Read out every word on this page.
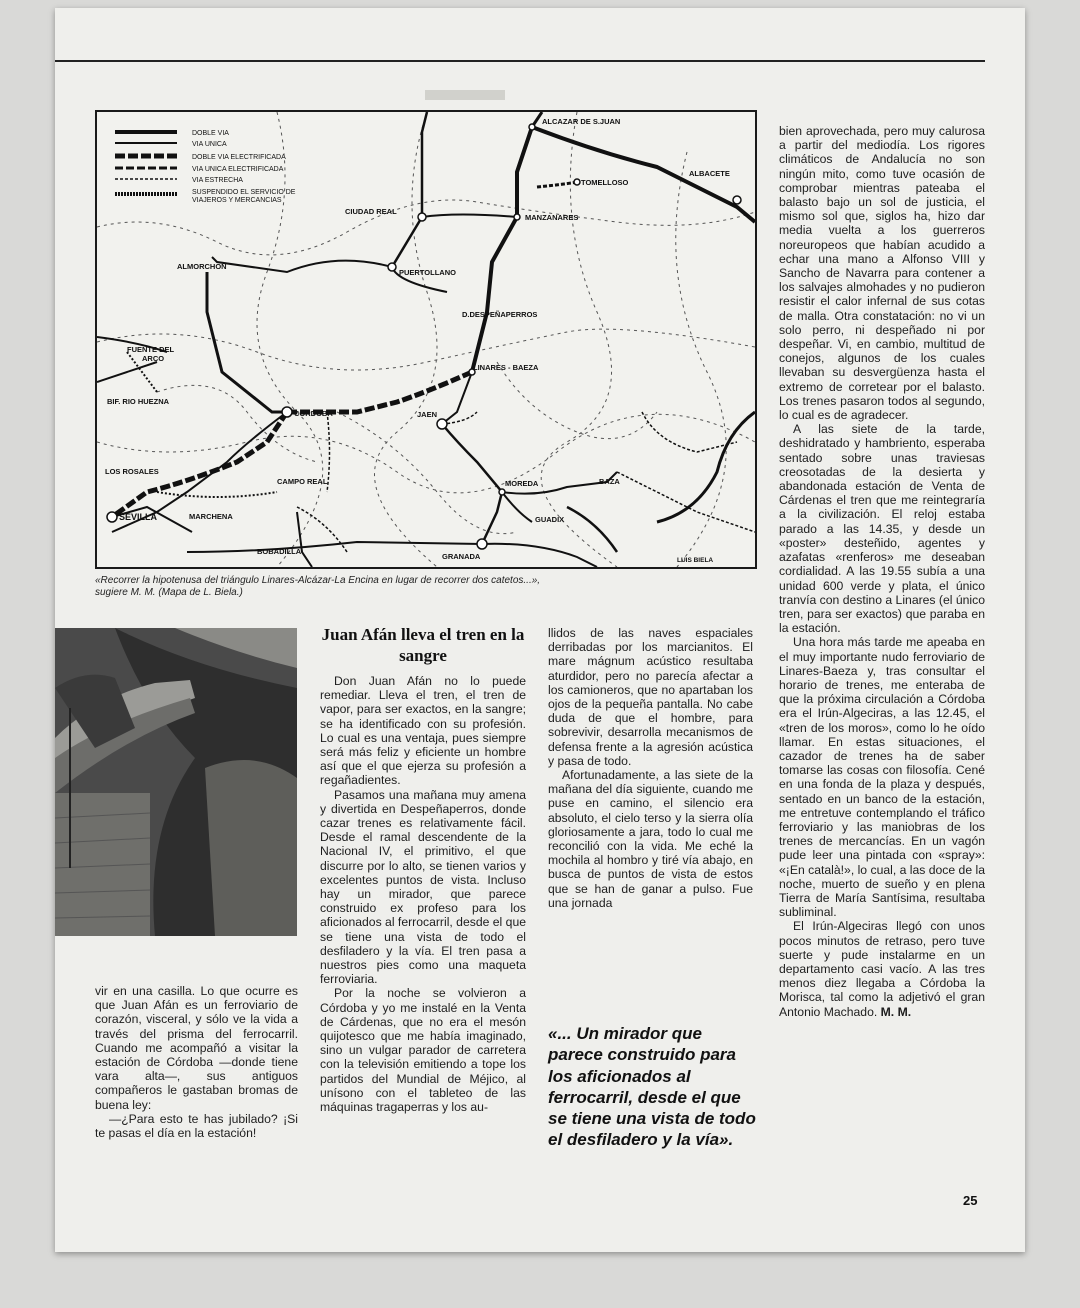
DOBLE VIA
VIA UNICA
DOBLE VIA ELECTRIFICADA
VIA UNICA ELECTRIFICADA
VIA ESTRECHA
SUSPENDIDO EL SERVICIO DE
VIAJEROS Y MERCANCIAS
ALCAZAR DE S.JUAN
ALBACETE
TOMELLOSO
CIUDAD REAL
MANZANARES
ALMORCHON
PUERTOLLANO
D.DESPEÑAPERROS
FUENTE DEL
ARCO
LINARES - BAEZA
BIF. RIO HUEZNA
CORDOBA	JAEN
LOS ROSALES
CAMPO REAL	MOREDA	BAZA
SEVILLA	MARCHENA	GUADIX
BOBADILLA
GRANADA	LUIS BIELA
«Recorrer la hipotenusa del triángulo Linares-Alcázar-La Encina en lugar de recorrer dos catetos...»,
sugiere M. M. (Mapa de L. Biela.)

vir en una casilla. Lo que ocurre es que Juan Afán es un ferroviario de corazón, visceral, y sólo ve la vida a través del prisma del ferrocarril. Cuando me acompañó a visitar la estación de Córdoba —donde tiene vara alta—, sus antiguos compañeros le gastaban bromas de buena ley:

—¿Para esto te has jubilado? ¡Si te pasas el día en la estación!

Juan Afán lleva el tren en la sangre

Don Juan Afán no lo puede remediar. Lleva el tren, el tren de vapor, para ser exactos, en la sangre; se ha identificado con su profesión. Lo cual es una ventaja, pues siempre será más feliz y eficiente un hombre así que el que ejerza su profesión a regañadientes.

Pasamos una mañana muy amena y divertida en Despeñaperros, donde cazar trenes es relativamente fácil. Desde el ramal descendente de la Nacional IV, el primitivo, el que discurre por lo alto, se tienen varios y excelentes puntos de vista. Incluso hay un mirador, que parece construido ex profeso para los aficionados al ferrocarril, desde el que se tiene una vista de todo el desfiladero y la vía. El tren pasa a nuestros pies como una maqueta ferroviaria.

Por la noche se volvieron a Córdoba y yo me instalé en la Venta de Cárdenas, que no era el mesón quijotesco que me había imaginado, sino un vulgar parador de carretera con la televisión emitiendo a tope los partidos del Mundial de Méjico, al unísono con el tableteo de las máquinas tragaperras y los au-

llidos de las naves espaciales derribadas por los marcianitos. El mare mágnum acústico resultaba aturdidor, pero no parecía afectar a los camioneros, que no apartaban los ojos de la pequeña pantalla. No cabe duda de que el hombre, para sobrevivir, desarrolla mecanismos de defensa frente a la agresión acústica y pasa de todo.

Afortunadamente, a las siete de la mañana del día siguiente, cuando me puse en camino, el silencio era absoluto, el cielo terso y la sierra olía gloriosamente a jara, todo lo cual me reconcilió con la vida. Me eché la mochila al hombro y tiré vía abajo, en busca de puntos de vista de estos que se han de ganar a pulso. Fue una jornada

«... Un mirador que parece construido para los aficionados al ferrocarril, desde el que se tiene una vista de todo el desfiladero y la vía».

bien aprovechada, pero muy calurosa a partir del mediodía. Los rigores climáticos de Andalucía no son ningún mito, como tuve ocasión de comprobar mientras pateaba el balasto bajo un sol de justicia, el mismo sol que, siglos ha, hizo dar media vuelta a los guerreros noreuropeos que habían acudido a echar una mano a Alfonso VIII y Sancho de Navarra para contener a los salvajes almohades y no pudieron resistir el calor infernal de sus cotas de malla. Otra constatación: no vi un solo perro, ni despeñado ni por despeñar. Vi, en cambio, multitud de conejos, algunos de los cuales llevaban su desvergüenza hasta el extremo de corretear por el balasto. Los trenes pasaron todos al segundo, lo cual es de agradecer.

A las siete de la tarde, deshidratado y hambriento, esperaba sentado sobre unas traviesas creosotadas de la desierta y abandonada estación de Venta de Cárdenas el tren que me reintegraría a la civilización. El reloj estaba parado a las 14.35, y desde un «poster» desteñido, agentes y azafatas «renferos» me deseaban cordialidad. A las 19.55 subía a una unidad 600 verde y plata, el único tranvía con destino a Linares (el único tren, para ser exactos) que paraba en la estación.

Una hora más tarde me apeaba en el muy importante nudo ferroviario de Linares-Baeza y, tras consultar el horario de trenes, me enteraba de que la próxima circulación a Córdoba era el Irún-Algeciras, a las 12.45, el «tren de los moros», como lo he oído llamar. En estas situaciones, el cazador de trenes ha de saber tomarse las cosas con filosofía. Cené en una fonda de la plaza y después, sentado en un banco de la estación, me entretuve contemplando el tráfico ferroviario y las maniobras de los trenes de mercancías. En un vagón pude leer una pintada con «spray»: «¡En català!», lo cual, a las doce de la noche, muerto de sueño y en plena Tierra de María Santísima, resultaba subliminal.

El Irún-Algeciras llegó con unos pocos minutos de retraso, pero tuve suerte y pude instalarme en un departamento casi vacío. A las tres menos diez llegaba a Córdoba la Morisca, tal como la adjetivó el gran Antonio Machado. M. M.

25
